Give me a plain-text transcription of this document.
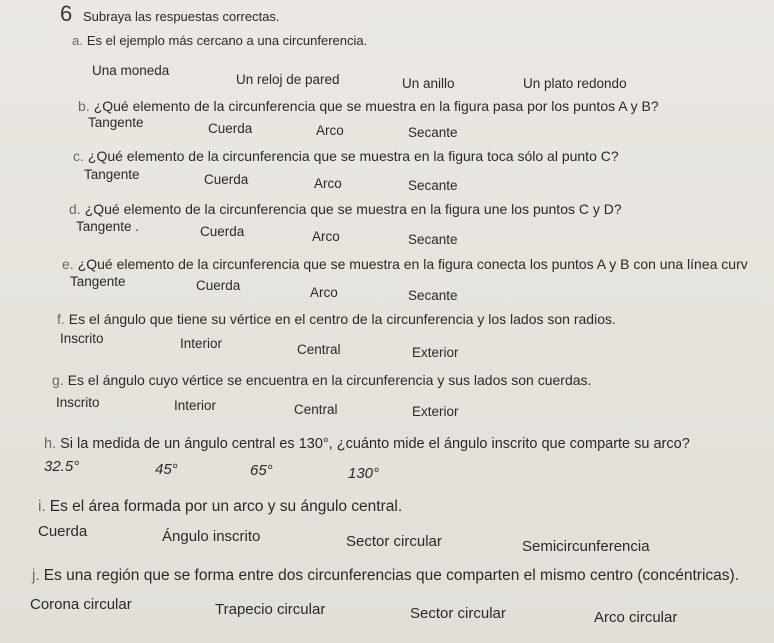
6 Subraya las respuestas correctas.
a. Es el ejemplo más cercano a una circunferencia.
Una moneda
Un reloj de pared	Un anillo	Un plato redondo
b. ¿Qué elemento de la circunferencia que se muestra en la figura pasa por los puntos A y B?
Tangente	Cuerda	Arco	Secante
c. ¿Qué elemento de la circunferencia que se muestra en la figura toca sólo al punto C?
Tangente	Cuerda	Arco	Secante
d. ¿Qué elemento de la circunferencia que se muestra en la figura une los puntos C y D?
Tangente .	Cuerda	Arco	Secante
e. ¿Qué elemento de la circunferencia que se muestra en la figura conecta los puntos A y B con una línea curv
Tangente	Cuerda	Arco	Secante
f. Es el ángulo que tiene su vértice en el centro de la circunferencia y los lados son radios.
Inscrito	Interior	Central	Exterior
g. Es el ángulo cuyo vértice se encuentra en la circunferencia y sus lados son cuerdas.
Inscrito	Interior	Central	Exterior
h. Si la medida de un ángulo central es 130°, ¿cuánto mide el ángulo inscrito que comparte su arco?
32.5°	45°	65°	130°
i. Es el área formada por un arco y su ángulo central.
Cuerda	Ángulo inscrito	Sector circular	Semicircunferencia
j. Es una región que se forma entre dos circunferencias que comparten el mismo centro (concéntricas).
Corona circular	Trapecio circular	Sector circular	Arco circular
